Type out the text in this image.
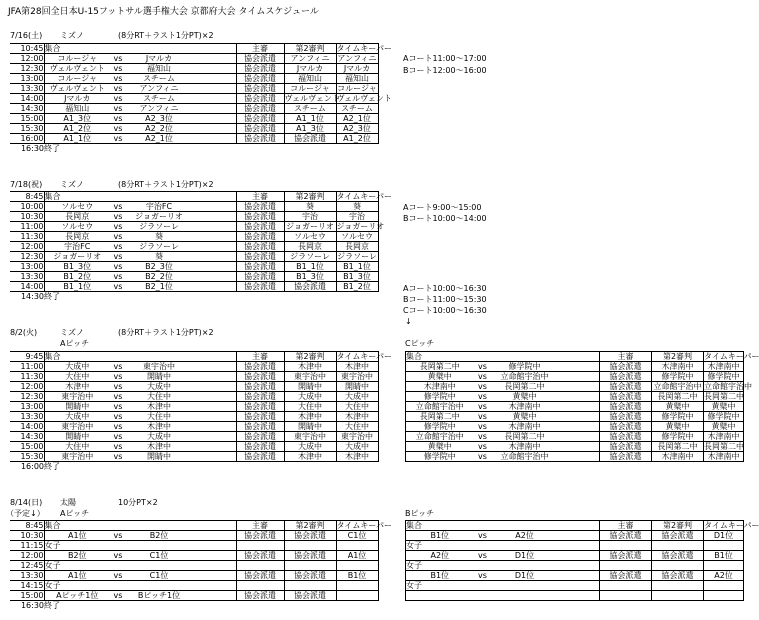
JFA第28回全日本U-15フットサル選手権大会 京都府大会 タイムスケジュール
7/16(土) ミズノ	(8分RT＋ラスト1分PT)×2
10:45	集合				主審	第2審判	タイムキーパー
12:00	コルージャ	vs	Jマルカ		協会派遣	アンフィニ	アンフィニ
12:30	ヴェルヴェント	vs	福知山		協会派遣	Jマルカ	Jマルカ
13:00	コルージャ	vs	スチーム		協会派遣	福知山	福知山
13:30	ヴェルヴェント	vs	アンフィニ		協会派遣	コルージャ	コルージャ
14:00	Jマルカ	vs	スチーム		協会派遣	ヴェルヴェント	ヴェルヴェント
14:30	福知山	vs	アンフィニ		協会派遣	スチーム	スチーム
15:00	A1_3位	vs	A2_3位		協会派遣	A1_1位	A2_1位
15:30	A1_2位	vs	A2_2位		協会派遣	A1_3位	A2_3位
16:00	A1_1位	vs	A2_1位		協会派遣	協会派遣	A1_2位
16:30	終了						
Aコート11:00～17:00
Bコート12:00～16:00
7/18(祝) ミズノ	(8分RT＋ラスト1分PT)×2
8:45	集合				主審	第2審判	タイムキーパー
10:00	ソルセウ	vs	宇治FC		協会派遣	葵	葵
10:30	長岡京	vs	ジョガーリオ		協会派遣	宇治	宇治
11:00	ソルセウ	vs	ジラソーレ		協会派遣	ジョガーリオ	ジョガーリオ
11:30	長岡京	vs	葵		協会派遣	ソルセウ	ソルセウ
12:00	宇治FC	vs	ジラソーレ		協会派遣	長岡京	長岡京
12:30	ジョガーリオ	vs	葵		協会派遣	ジラソーレ	ジラソーレ
13:00	B1_3位	vs	B2_3位		協会派遣	B1_1位	B1_1位
13:30	B1_2位	vs	B2_2位		協会派遣	B1_3位	B1_3位
14:00	B1_1位	vs	B2_1位		協会派遣	協会派遣	B1_2位
14:30	終了						
Aコート9:00～15:00
Bコート10:00～14:00
Aコート10:00～16:30
Bコート11:00～15:30
Cコート10:00～16:30
↓
8/2(火)	ミズノ	(8分RT＋ラスト1分PT)×2
Aピッチ	Cピッチ
9:45	集合				主審	第2審判	タイムキーパー
11:00	大成中	vs	東宇治中		協会派遣	木津中	木津中
11:30	大住中	vs	開睛中		協会派遣	東宇治中	東宇治中
12:00	木津中	vs	大成中		協会派遣	開睛中	開睛中
12:30	東宇治中	vs	大住中		協会派遣	大成中	大成中
13:00	開睛中	vs	木津中		協会派遣	大住中	大住中
13:30	大成中	vs	大住中		協会派遣	木津中	木津中
14:00	東宇治中	vs	木津中		協会派遣	開睛中	大住中
14:30	開睛中	vs	大成中		協会派遣	東宇治中	東宇治中
15:00	大住中	vs	木津中		協会派遣	大成中	大成中
15:30	東宇治中	vs	開睛中		協会派遣	木津中	木津中
16:00	終了						
集合				主審	第2審判	タイムキーパー
長岡第二中	vs	修学院中		協会派遣	木津南中	木津南中
黄檗中	vs	立命館宇治中		協会派遣	修学院中	修学院中
木津南中	vs	長岡第二中		協会派遣	立命館宇治中	立命館宇治中
修学院中	vs	黄檗中		協会派遣	長岡第二中	長岡第二中
立命館宇治中	vs	木津南中		協会派遣	黄檗中	黄檗中
長岡第二中	vs	黄檗中		協会派遣	修学院中	修学院中
修学院中	vs	木津南中		協会派遣	黄檗中	黄檗中
立命館宇治中	vs	長岡第二中		協会派遣	修学院中	木津南中
黄檗中	vs	木津南中		協会派遣	長岡第二中	長岡第二中
修学院中	vs	立命館宇治中		協会派遣	木津南中	木津南中
8/14(日) 太陽	10分PT×2
（予定↓） Aピッチ	Bピッチ
8:45	集合				主審	第2審判	タイムキーパー
10:30	A1位	vs	B2位		協会派遣	協会派遣	C1位
11:15	女子						
12:00	B2位	vs	C1位		協会派遣	協会派遣	A1位
12:45	女子						
13:30	A1位	vs	C1位		協会派遣	協会派遣	B1位
14:15	女子						
15:00	Aピッチ1位	vs	Bピッチ1位		協会派遣	協会派遣	
16:30	終了						
集合				主審	第2審判	タイムキーパー
B1位	vs	A2位		協会派遣	協会派遣	D1位
女子						
A2位	vs	D1位		協会派遣	協会派遣	B1位
女子						
B1位	vs	D1位		協会派遣	協会派遣	A2位
女子						
